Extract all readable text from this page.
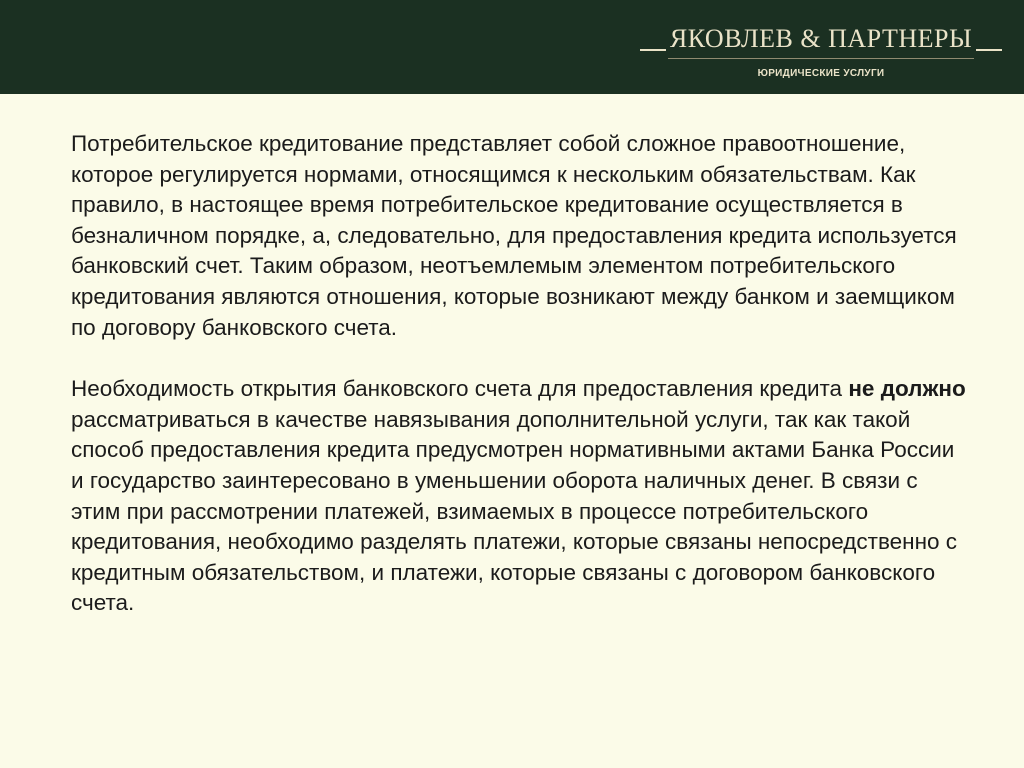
ЯКОВЛЕВ & ПАРТНЕРЫ
ЮРИДИЧЕСКИЕ УСЛУГИ

Потребительское кредитование представляет собой сложное правоотношение, которое регулируется нормами, относящимся к нескольким обязательствам. Как правило, в настоящее время потребительское кредитование осуществляется в безналичном порядке, а, следовательно, для предоставления кредита используется банковский счет. Таким образом, неотъемлемым элементом потребительского кредитования являются отношения, которые возникают между банком и заемщиком по договору банковского счета.

Необходимость открытия банковского счета для предоставления кредита не должно рассматриваться в качестве навязывания дополнительной услуги, так как такой способ предоставления кредита предусмотрен нормативными актами Банка России и государство заинтересовано в уменьшении оборота наличных денег. В связи с этим при рассмотрении платежей, взимаемых в процессе потребительского кредитования, необходимо разделять платежи, которые связаны непосредственно с кредитным обязательством, и платежи, которые связаны с договором банковского счета.
